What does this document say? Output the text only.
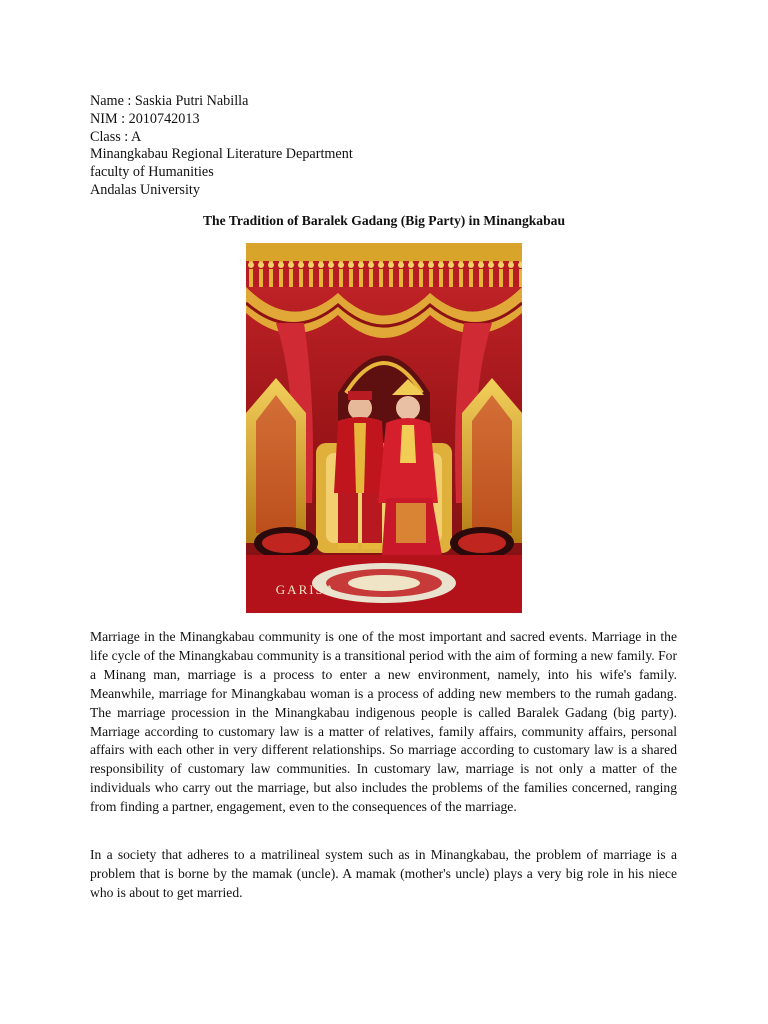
Name : Saskia Putri Nabilla
NIM : 2010742013
Class : A
Minangkabau Regional Literature Department
faculty of Humanities
Andalas University
The Tradition of Baralek Gadang (Big Party) in Minangkabau
GARISA

Marriage in the Minangkabau community is one of the most important and sacred events. Marriage in the life cycle of the Minangkabau community is a transitional period with the aim of forming a new family. For a Minang man, marriage is a process to enter a new environment, namely, into his wife's family. Meanwhile, marriage for Minangkabau woman is a process of adding new members to the rumah gadang. The marriage procession in the Minangkabau indigenous people is called Baralek Gadang (big party). Marriage according to customary law is a matter of relatives, family affairs, community affairs, personal affairs with each other in very different relationships. So marriage according to customary law is a shared responsibility of customary law communities. In customary law, marriage is not only a matter of the individuals who carry out the marriage, but also includes the problems of the families concerned, ranging from finding a partner, engagement, even to the consequences of the marriage.

In a society that adheres to a matrilineal system such as in Minangkabau, the problem of marriage is a problem that is borne by the mamak (uncle). A mamak (mother's uncle) plays a very big role in his niece who is about to get married.
